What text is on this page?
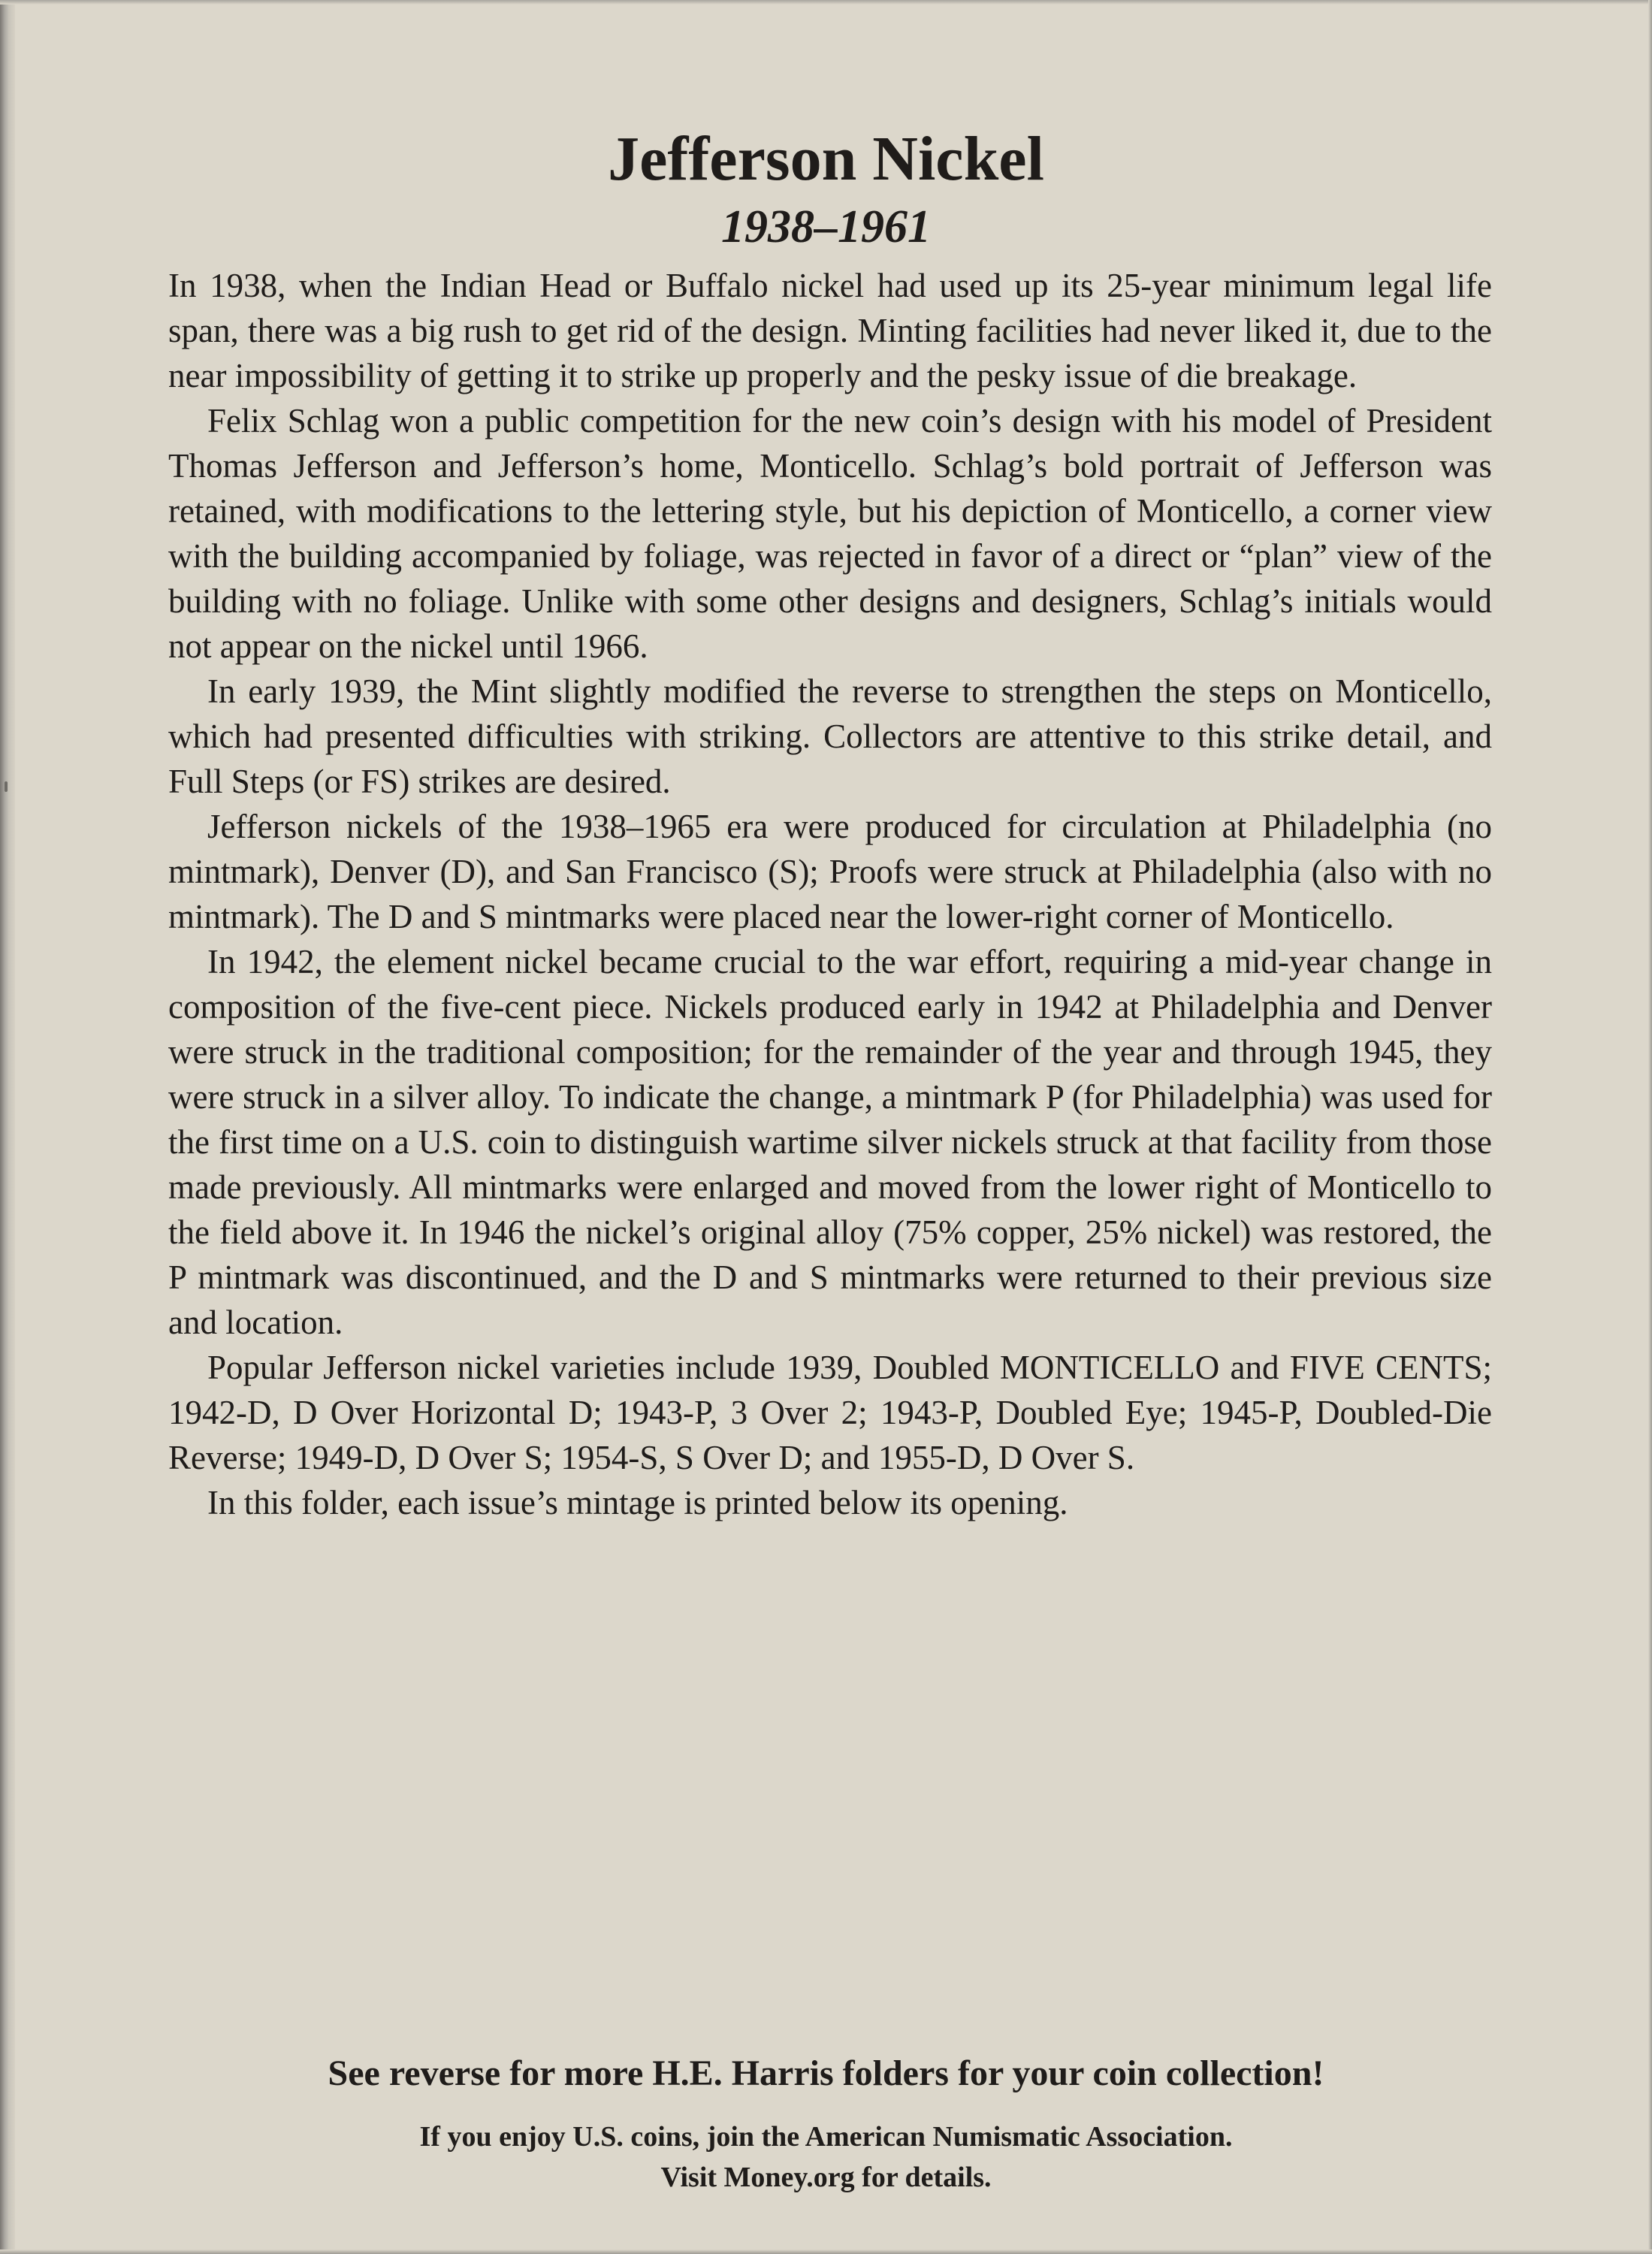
Jefferson Nickel
1938–1961

In 1938, when the Indian Head or Buffalo nickel had used up its 25-year minimum legal life span, there was a big rush to get rid of the design. Minting facilities had never liked it, due to the near impossibility of getting it to strike up properly and the pesky issue of die breakage.

Felix Schlag won a public competition for the new coin’s design with his model of President Thomas Jefferson and Jefferson’s home, Monticello. Schlag’s bold portrait of Jefferson was retained, with modifications to the lettering style, but his depiction of Monticello, a corner view with the building accompanied by foliage, was rejected in favor of a direct or “plan” view of the building with no foliage. Unlike with some other designs and designers, Schlag’s initials would not appear on the nickel until 1966.

In early 1939, the Mint slightly modified the reverse to strengthen the steps on Monticello, which had presented difficulties with striking. Collectors are attentive to this strike detail, and Full Steps (or FS) strikes are desired.

Jefferson nickels of the 1938–1965 era were produced for circulation at Philadelphia (no mintmark), Denver (D), and San Francisco (S); Proofs were struck at Philadelphia (also with no mintmark). The D and S mintmarks were placed near the lower-right corner of Monticello.

In 1942, the element nickel became crucial to the war effort, requiring a mid-year change in composition of the five-cent piece. Nickels produced early in 1942 at Philadelphia and Denver were struck in the traditional composition; for the remainder of the year and through 1945, they were struck in a silver alloy. To indicate the change, a mintmark P (for Philadelphia) was used for the first time on a U.S. coin to distinguish wartime silver nickels struck at that facility from those made previously. All mintmarks were enlarged and moved from the lower right of Monticello to the field above it. In 1946 the nickel’s original alloy (75% copper, 25% nickel) was restored, the P mintmark was discontinued, and the D and S mintmarks were returned to their previous size and location.

Popular Jefferson nickel varieties include 1939, Doubled MONTICELLO and FIVE CENTS; 1942-D, D Over Horizontal D; 1943-P, 3 Over 2; 1943-P, Doubled Eye; 1945-P, Doubled-Die Reverse; 1949-D, D Over S; 1954-S, S Over D; and 1955-D, D Over S.

In this folder, each issue’s mintage is printed below its opening.

See reverse for more H.E. Harris folders for your coin collection!
If you enjoy U.S. coins, join the American Numismatic Association.
Visit Money.org for details.
